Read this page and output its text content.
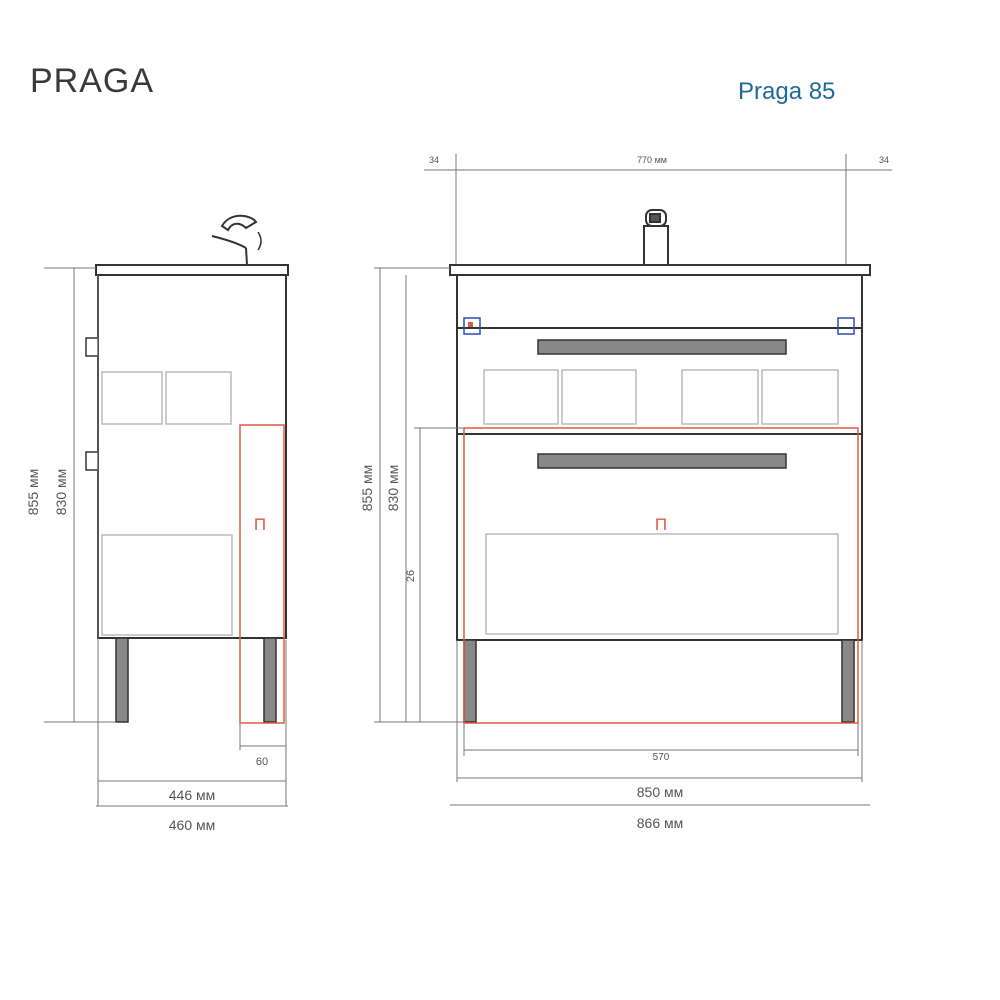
PRAGA	Praga 85
П
855 мм 830 мм
446 мм
460 мм
60
34	770 мм	34
П
855 мм 830 мм
26
570
850 мм
866 мм
